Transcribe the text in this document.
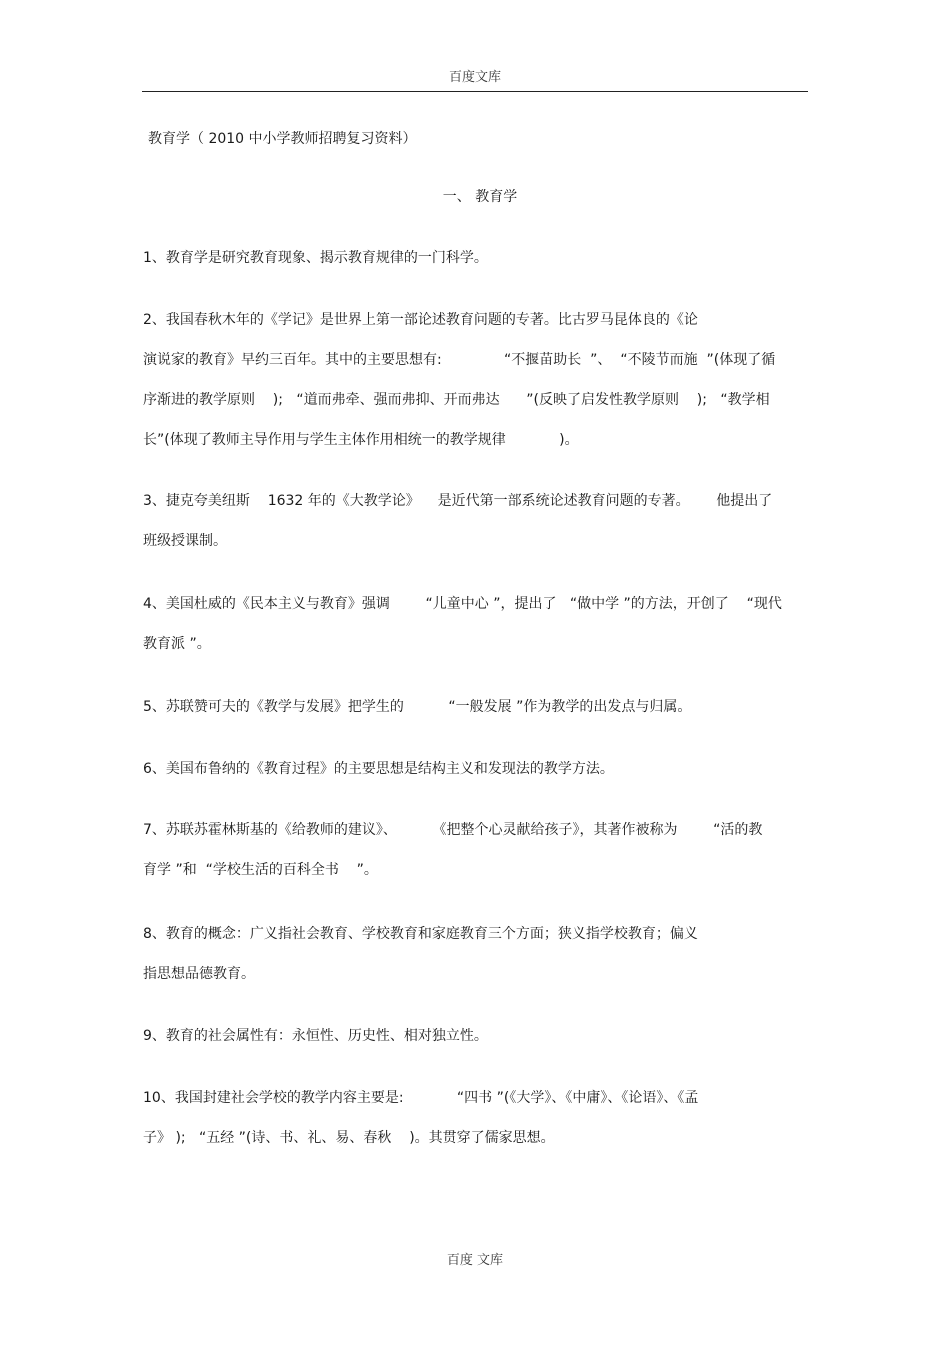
百度文库
教育学（ 2010 中小学教师招聘复习资料）
一、 教育学
1、教育学是研究教育现象、揭示教育规律的一门科学。
2、我国春秋木年的《学记》是世界上第一部论述教育问题的专著。比古罗马昆体良的《论
演说家的教育》早约三百年。其中的主要思想有:              “不揠苗助长  ”、  “不陵节而施  ”(体现了循
序渐进的教学原则    );   “道而弗牵、强而弗抑、开而弗达      ”(反映了启发性教学原则    );   “教学相
长”(体现了教师主导作用与学生主体作用相统一的教学规律            )。
3、捷克夸美纽斯    1632 年的《大教学论》    是近代第一部系统论述教育问题的专著。      他提出了
班级授课制。
4、美国杜威的《民本主义与教育》强调        “儿童中心 ”，提出了   “做中学 ”的方法，开创了    “现代
教育派 ”。
5、苏联赞可夫的《教学与发展》把学生的          “一般发展 ”作为教学的出发点与归属。
6、美国布鲁纳的《教育过程》的主要思想是结构主义和发现法的教学方法。
7、苏联苏霍林斯基的《给教师的建议》、        《把整个心灵献给孩子》，其著作被称为        “活的教
育学 ”和  “学校生活的百科全书    ”。
8、教育的概念：广义指社会教育、学校教育和家庭教育三个方面；狭义指学校教育；偏义
指思想品德教育。
9、教育的社会属性有：永恒性、历史性、相对独立性。
10、我国封建社会学校的教学内容主要是:            “四书 ”(《大学》、《中庸》、《论语》、《孟
子》 );   “五经 ”(诗、书、礼、易、春秋    )。其贯穿了儒家思想。
百度 文库
